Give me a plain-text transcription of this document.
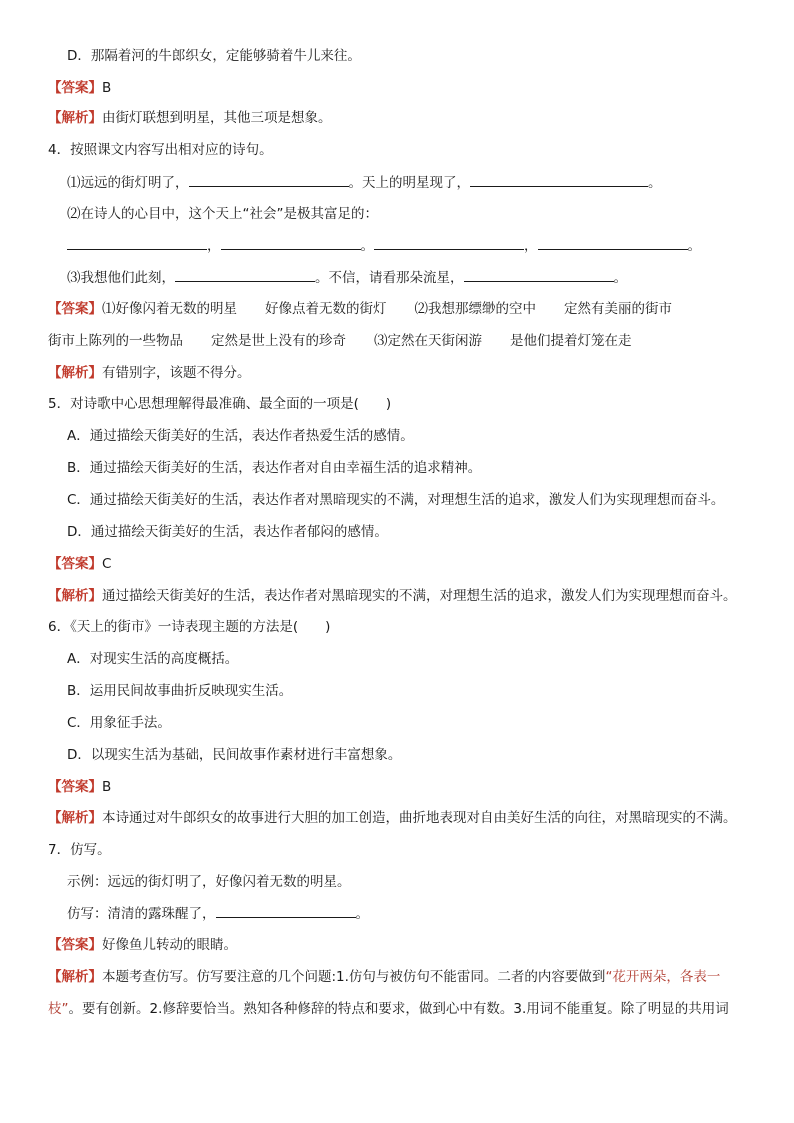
D．那隔着河的牛郎织女，定能够骑着牛儿来往。
【答案】B
【解析】由街灯联想到明星，其他三项是想象。
4．按照课文内容写出相对应的诗句。
⑴远远的街灯明了，	。天上的明星现了，	。
⑵在诗人的心目中，这个天上“社会”是极其富足的：
，	。	，	。
⑶我想他们此刻，	。不信，请看那朵流星，	。
【答案】⑴好像闪着无数的明星 好像点着无数的街灯 ⑵我想那缥缈的空中 定然有美丽的街市
街市上陈列的一些物品 定然是世上没有的珍奇 ⑶定然在天街闲游 是他们提着灯笼在走
【解析】有错别字，该题不得分。
5．对诗歌中心思想理解得最准确、最全面的一项是(　　)
A．通过描绘天街美好的生活，表达作者热爱生活的感情。
B．通过描绘天街美好的生活，表达作者对自由幸福生活的追求精神。
C．通过描绘天街美好的生活，表达作者对黑暗现实的不满，对理想生活的追求，激发人们为实现理想而奋斗。
D．通过描绘天街美好的生活，表达作者郁闷的感情。
【答案】C
【解析】通过描绘天街美好的生活，表达作者对黑暗现实的不满，对理想生活的追求，激发人们为实现理想而奋斗。
6．《天上的街市》一诗表现主题的方法是(　　)
A．对现实生活的高度概括。
B．运用民间故事曲折反映现实生活。
C．用象征手法。
D．以现实生活为基础，民间故事作素材进行丰富想象。
【答案】B
【解析】本诗通过对牛郎织女的故事进行大胆的加工创造，曲折地表现对自由美好生活的向往，对黑暗现实的不满。
7．仿写。
示例：远远的街灯明了，好像闪着无数的明星。
仿写：清清的露珠醒了，	。
【答案】好像鱼儿转动的眼睛。
【解析】本题考查仿写。仿写要注意的几个问题:1.仿句与被仿句不能雷同。二者的内容要做到“花开两朵，各表一
枝”。要有创新。2.修辞要恰当。熟知各种修辞的特点和要求，做到心中有数。3.用词不能重复。除了明显的共用词
